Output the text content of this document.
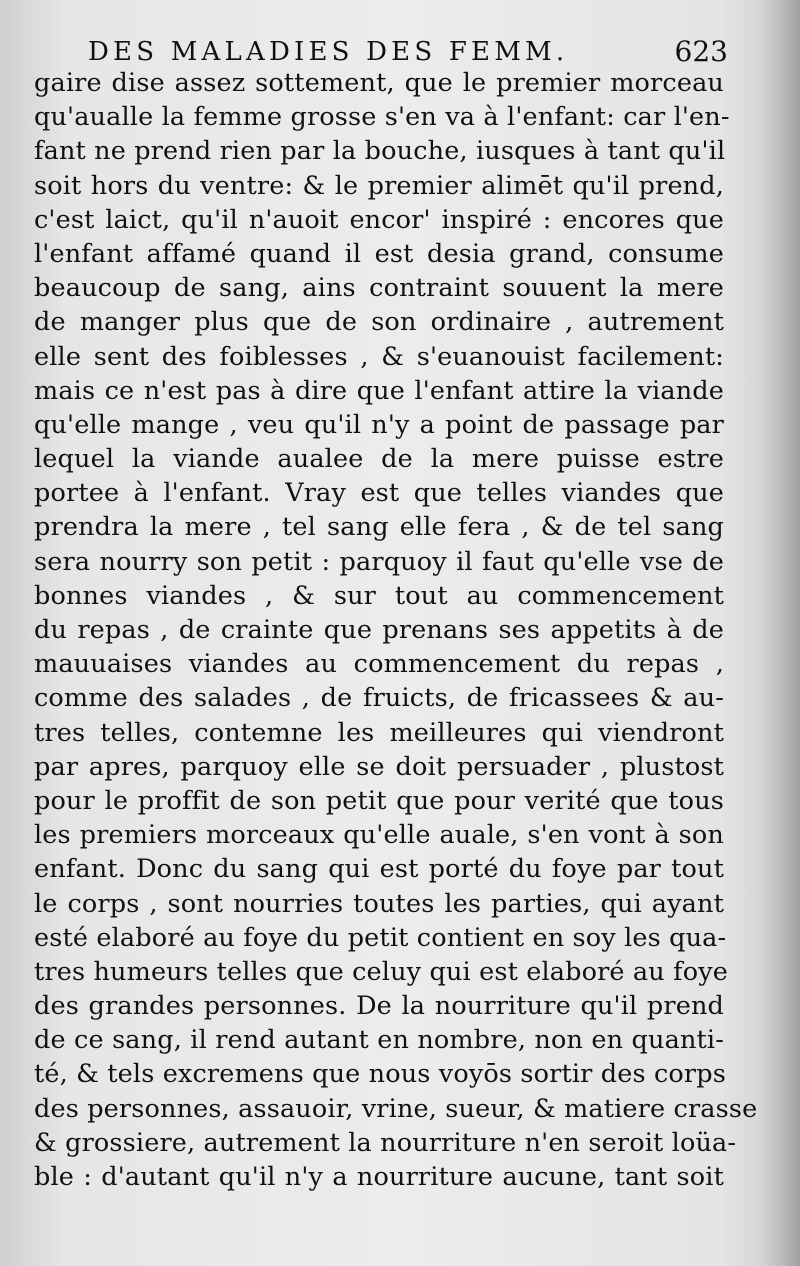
DES MALADIES DES FEMM.	623
gaire dise assez sottement, que le premier morceau
qu'aualle la femme grosse s'en va à l'enfant: car l'en-
fant ne prend rien par la bouche, iusques à tant qu'il
soit hors du ventre: & le premier alimēt qu'il prend,
c'est laict, qu'il n'auoit encor' inspiré : encores que
l'enfant affamé quand il est desia grand, consume
beaucoup de sang, ains contraint souuent la mere
de manger plus que de son ordinaire , autrement
elle sent des foiblesses , & s'euanouist facilement:
mais ce n'est pas à dire que l'enfant attire la viande
qu'elle mange , veu qu'il n'y a point de passage par
lequel la viande aualee de la mere puisse estre
portee à l'enfant. Vray est que telles viandes que
prendra la mere , tel sang elle fera , & de tel sang
sera nourry son petit : parquoy il faut qu'elle vse de
bonnes viandes , & sur tout au commencement
du repas , de crainte que prenans ses appetits à de
mauuaises viandes au commencement du repas ,
comme des salades , de fruicts, de fricassees & au-
tres telles, contemne les meilleures qui viendront
par apres, parquoy elle se doit persuader , plustost
pour le proffit de son petit que pour verité que tous
les premiers morceaux qu'elle auale, s'en vont à son
enfant. Donc du sang qui est porté du foye par tout
le corps , sont nourries toutes les parties, qui ayant
esté elaboré au foye du petit contient en soy les qua-
tres humeurs telles que celuy qui est elaboré au foye
des grandes personnes. De la nourriture qu'il prend
de ce sang, il rend autant en nombre, non en quanti-
té, & tels excremens que nous voyōs sortir des corps
des personnes, assauoir, vrine, sueur, & matiere crasse
& grossiere, autrement la nourriture n'en seroit loüa-
ble : d'autant qu'il n'y a nourriture aucune, tant soit
